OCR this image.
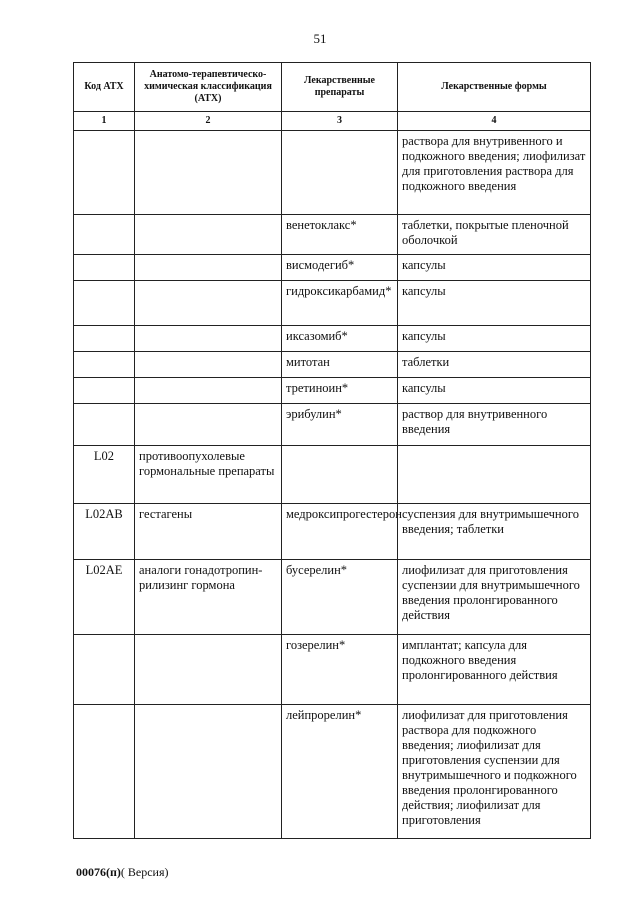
51
Код АТХ	Анатомо-терапевтическо-химическая классификация (АТХ)	Лекарственные препараты	Лекарственные формы
1	2	3	4
			раствора для внутривенного и подкожного введения; лиофилизат для приготовления раствора для подкожного введения
		венетоклакс*	таблетки, покрытые пленочной оболочкой
		висмодегиб*	капсулы
		гидроксикарбамид*	капсулы
		иксазомиб*	капсулы
		митотан	таблетки
		третиноин*	капсулы
		эрибулин*	раствор для внутривенного введения
L02	противоопухолевые гормональные препараты		
L02AB	гестагены	медроксипрогестерон	суспензия для внутримышечного введения; таблетки
L02AE	аналоги гонадотропин-рилизинг гормона	бусерелин*	лиофилизат для приготовления суспензии для внутримышечного введения пролонгированного действия
		гозерелин*	имплантат; капсула для подкожного введения пролонгированного действия
		лейпрорелин*	лиофилизат для приготовления раствора для подкожного введения; лиофилизат для приготовления суспензии для внутримышечного и подкожного введения пролонгированного действия; лиофилизат для приготовления
00076(п)( Версия)
